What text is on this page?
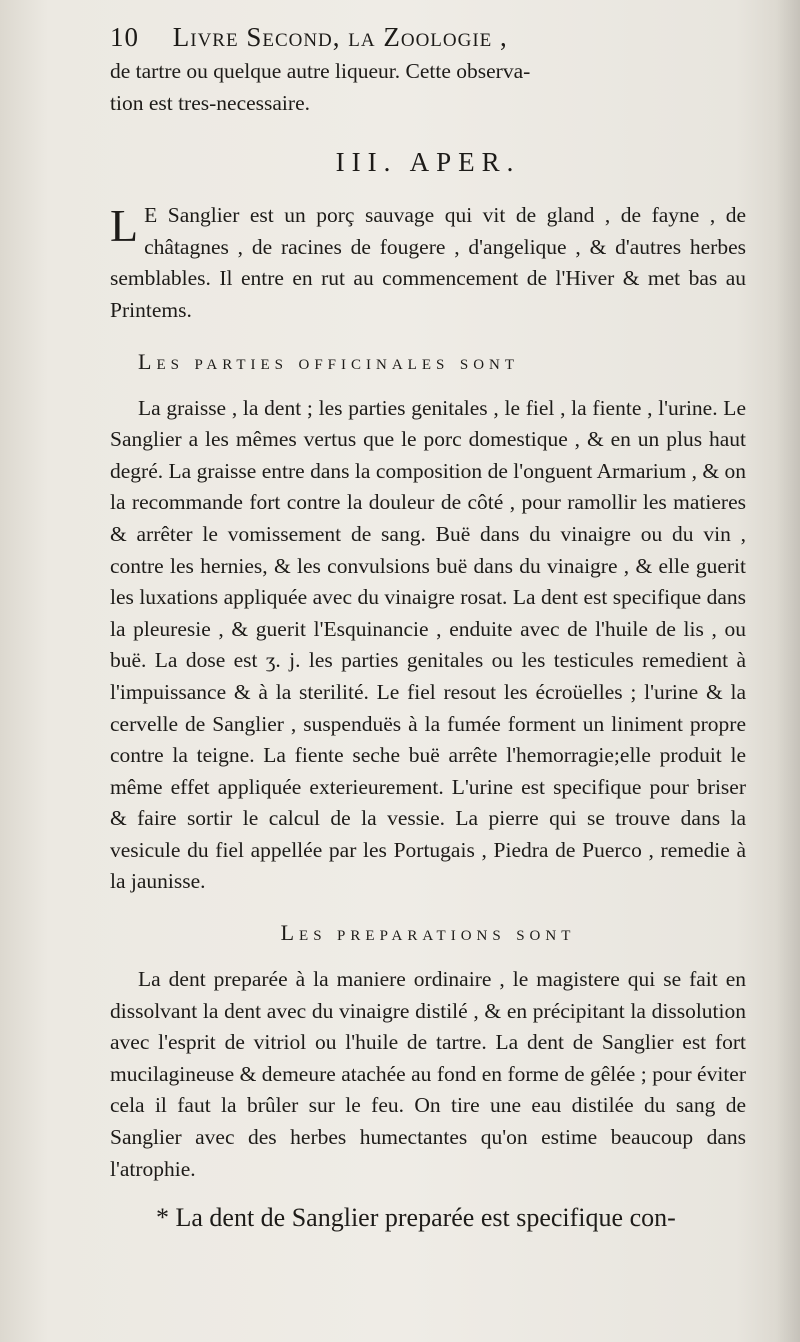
10 Livre Second, la Zoologie ,

de tartre ou quelque autre liqueur. Cette observa-

tion est tres-necessaire.

III. APER.
L E Sanglier est un porç sauvage qui vit de gland , de fayne , de châtagnes , de racines de fougere , d'angelique , & d'autres herbes semblables. Il entre en rut au commencement de l'Hiver & met bas au Printems.

Les parties officinales sont

La graisse , la dent ; les parties genitales , le fiel , la fiente , l'urine. Le Sanglier a les mêmes vertus que le porc domestique , & en un plus haut degré. La graisse entre dans la composition de l'onguent Armarium , & on la recommande fort contre la douleur de côté , pour ramollir les matieres & arrêter le vomissement de sang. Buë dans du vinaigre ou du vin , contre les hernies, & les convulsions buë dans du vinaigre , & elle guerit les luxations appliquée avec du vinaigre rosat. La dent est specifique dans la pleuresie , & guerit l'Esquinancie , enduite avec de l'huile de lis , ou buë. La dose est ʒ. j. les parties genitales ou les testicules remedient à l'impuissance & à la sterilité. Le fiel resout les écroüelles ; l'urine & la cervelle de Sanglier , suspenduës à la fumée forment un liniment propre contre la teigne. La fiente seche buë arrête l'hemorragie;elle produit le même effet appliquée exterieurement. L'urine est specifique pour briser & faire sortir le calcul de la vessie. La pierre qui se trouve dans la vesicule du fiel appellée par les Portugais , Piedra de Puerco , remedie à la jaunisse.

Les preparations sont

La dent preparée à la maniere ordinaire , le magistere qui se fait en dissolvant la dent avec du vinaigre distilé , & en précipitant la dissolution avec l'esprit de vitriol ou l'huile de tartre. La dent de Sanglier est fort mucilagineuse & demeure atachée au fond en forme de gêlée ; pour éviter cela il faut la brûler sur le feu. On tire une eau distilée du sang de Sanglier avec des herbes humectantes qu'on estime beaucoup dans l'atrophie.

* La dent de Sanglier preparée est specifique con-
